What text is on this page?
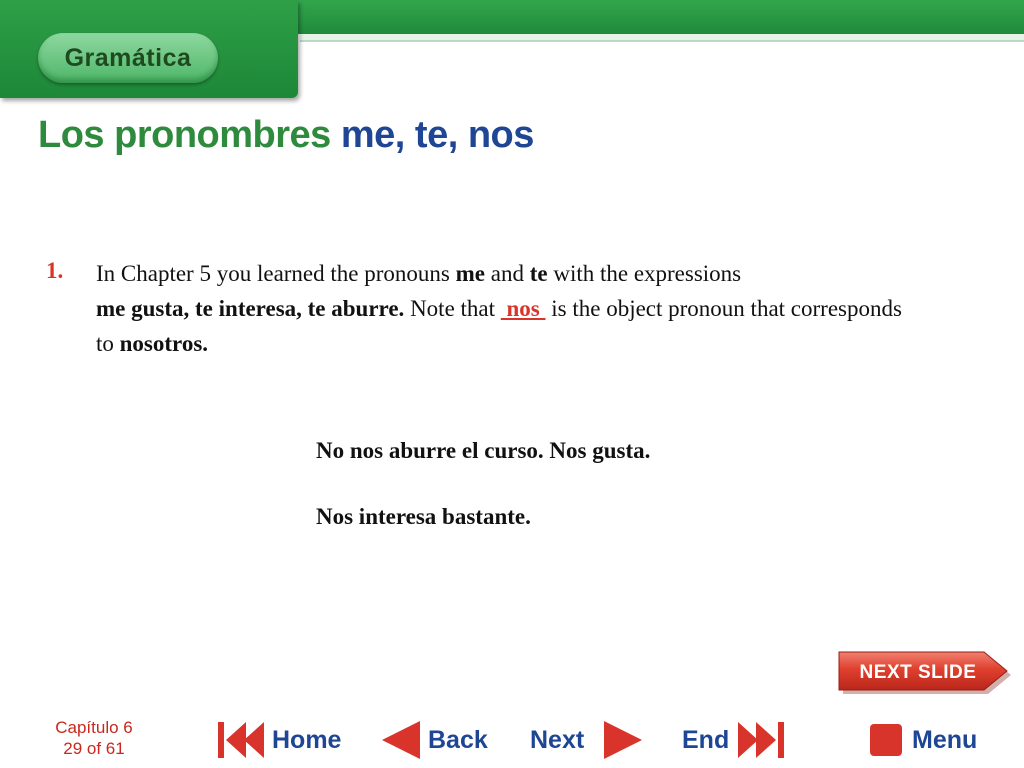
Gramática
Los pronombres me, te, nos
1. In Chapter 5 you learned the pronouns me and te with the expressions
me gusta, te interesa, te aburre. Note that  nos  is the object pronoun that corresponds to nosotros.

No nos aburre el curso. Nos gusta.

Nos interesa bastante.

NEXT SLIDE
Capítulo 6
29 of 61	Home	Back Next	End	Menu
